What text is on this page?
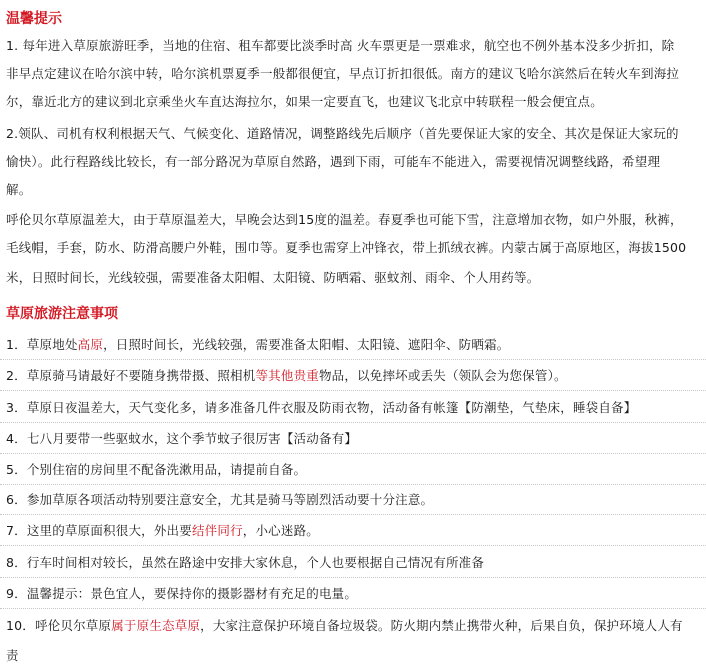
温馨提示
1. 每年进入草原旅游旺季，当地的住宿、租车都要比淡季时高 火车票更是一票难求，航空也不例外基本没多少折扣，除
非早点定建议在哈尔滨中转，哈尔滨机票夏季一般都很便宜，早点订折扣很低。南方的建议飞哈尔滨然后在转火车到海拉
尔，靠近北方的建议到北京乘坐火车直达海拉尔，如果一定要直飞，也建议飞北京中转联程一般会便宜点。
2.领队、司机有权利根据天气、气候变化、道路情况，调整路线先后顺序（首先要保证大家的安全、其次是保证大家玩的
愉快）。此行程路线比较长，有一部分路况为草原自然路，遇到下雨，可能车不能进入，需要视情况调整线路，希望理
解。
呼伦贝尔草原温差大，由于草原温差大，早晚会达到15度的温差。春夏季也可能下雪，注意增加衣物，如户外服，秋裤，
毛线帽，手套，防水、防滑高腰户外鞋，围巾等。夏季也需穿上冲锋衣，带上抓绒衣裤。内蒙古属于高原地区，海拔1500
米，日照时间长，光线较强，需要准备太阳帽、太阳镜、防晒霜、驱蚊剂、雨伞、个人用药等。
草原旅游注意事项
1．草原地处高原，日照时间长，光线较强，需要准备太阳帽、太阳镜、遮阳伞、防晒霜。
2．草原骑马请最好不要随身携带摄、照相机等其他贵重物品，以免摔坏或丢失（领队会为您保管）。
3．草原日夜温差大，天气变化多，请多准备几件衣服及防雨衣物，活动备有帐篷【防潮垫，气垫床，睡袋自备】
4．七八月要带一些驱蚊水，这个季节蚊子很厉害【活动备有】
5．个别住宿的房间里不配备洗漱用品，请提前自备。
6．参加草原各项活动特别要注意安全，尤其是骑马等剧烈活动要十分注意。
7．这里的草原面积很大，外出要结伴同行，小心迷路。
8．行车时间相对较长，虽然在路途中安排大家休息，个人也要根据自己情况有所准备
9．温馨提示：景色宜人，要保持你的摄影器材有充足的电量。
10．呼伦贝尔草原属于原生态草原，大家注意保护环境自备垃圾袋。防火期内禁止携带火种，后果自负，保护环境人人有
责
